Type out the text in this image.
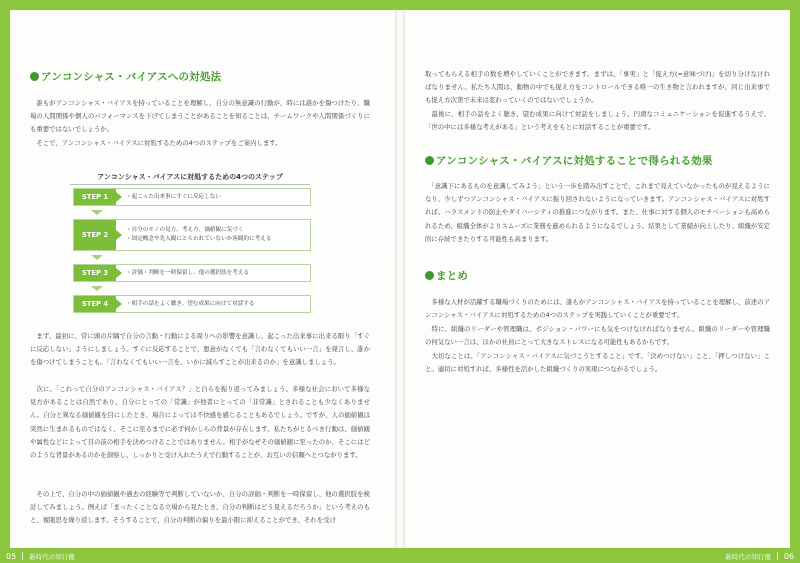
アンコンシャス・バイアスへの対処法

　誰もがアンコンシャス・バイアスを持っていることを理解し、自分の無意識の行動が、時には誰かを傷つけたり、職場の人間関係や個人のパフォーマンスを下げてしまうことがあることを知ることは、チームワークや人間関係づくりにも重要ではないでしょうか。

　そこで、アンコンシャス・バイアスに対処するための4つのステップをご案内します。

アンコンシャス・バイアスに対処するための4つのステップ
STEP 1	・起こった出来事にすぐに反応しない
STEP 2
・自分のモノの見方、考え方、価値観に気づく
・固定概念や先入観にとらわれていないか客観的に考える
STEP 3	・評価・判断を一時保留し、他の選択肢を考える
STEP 4	・相手の話をよく聴き、望む成果に向けて対話する

　まず、最初に、常に頭の片隅で自分の言動・行動による周りへの影響を意識し、起こった出来事に出来る限り「すぐに反応しない」ようにしましょう。すぐに反応することで、悪意がなくても「言わなくてもいい一言」を発言し、誰かを傷つけてしまうことも。「言わなくてもいい一言を、いかに減らすことが出来るのか」を意識しましょう。

　次に、「これって自分のアンコンシャス・バイアス？」と自らを振り返ってみましょう。多様な社会において多様な見方があることは自然であり、自分にとっての「常識」が他者にとっての「非常識」とされることも少なくありません。自分と異なる価値観を目にしたとき、場合によっては不快感を感じることもあるでしょう。ですが、人の価値観は突然に生まれるものではなく、そこに至るまでに必ず何かしらの背景が存在します。私たちがとるべき行動は、価値観や属性などによって目の前の相手を決めつけることではありません。相手がなぜその価値観に至ったのか、そこにはどのような背景があるのかを洞察し、しっかりと受け入れたうえで行動することが、お互いの信頼へとつながります。

　その上で、自分の中の価値観や過去の経験等で判断していないか、自分の評価・判断を一時保留し、他の選択肢を検討してみましょう。例えば「まったくことなる立場から見たとき、自分の判断はどう見えるだろうか」という考えのもと、複眼思を繰り返します。そうすることで、自分の判断の偏りを最小限に抑えることができ、それを受け

取ってもらえる相手の数を増やしていくことができます。まずは、「事実」と「捉え方(=意味づけ)」を切り分けなければなりません。私たち人間は、動物の中でも捉え方をコントロールできる唯一の生き物と言われますが、同じ出来事でも捉え方次第で未来は変わっていくのではないでしょうか。

　最後に、相手の話をよく聴き、望む成果に向けて対話をしましょう。円滑なコミュニケーションを促進するうえで、「世の中には多様な考えがある」という考えをもとに対話することが重要です。

アンコンシャス・バイアスに対処することで得られる効果

　「意識下にあるものを意識してみよう」という一歩を踏み出すことで、これまで見えていなかったものが見えるようになり、少しずつアンコンシャス・バイアスに振り回されないようになっていきます。アンコンシャス・バイアスに対処すれば、ハラスメントの防止やダイバーシティの推進につながります。また、仕事に対する個人のモチベーションも高められるため、組織全体がよりスムーズに業務を進められるようになるでしょう。結果として業績が向上したり、組織が安定的に存続できたりする可能性も高まります。

まとめ

　多様な人材が活躍する職場づくりのためには、誰もがアンコンシャス・バイアスを持っていることを理解し、前述のアンコンシャス・バイアスに対処するための4つのステップを実践していくことが重要です。

　特に、組織のリーダーや管理職は、ポジション・パワーにも気をつけなければなりません。組織のリーダーや管理職の何気ない一言は、ほかの社員にとって大きなストレスになる可能性もあるからです。

　大切なことは、「アンコンシャス・バイアスに気づこうとすること」です。「決めつけない」こと、「押しつけない」こと。適切に対処すれば、多様性を活かした組織づくりの実現につながるでしょう。

05 新時代の知行備	新時代の知行備 06
